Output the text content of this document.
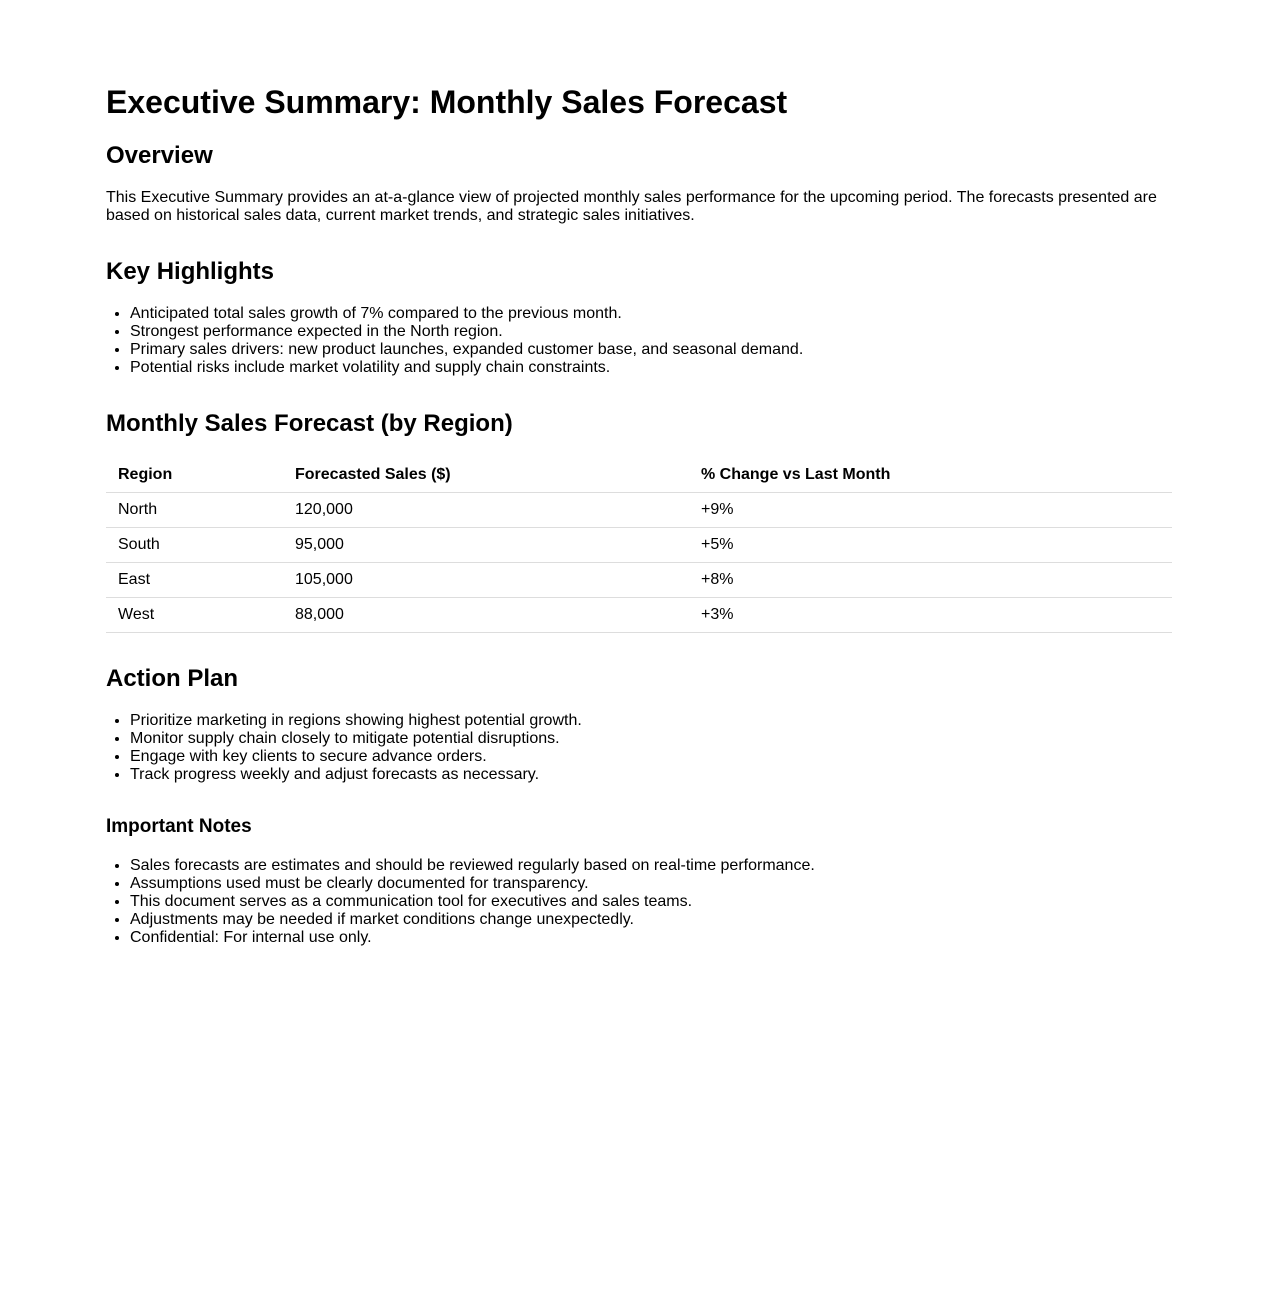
Executive Summary: Monthly Sales Forecast
Overview

This Executive Summary provides an at-a-glance view of projected monthly sales performance for the upcoming period. The forecasts presented are based on historical sales data, current market trends, and strategic sales initiatives.

Key Highlights
• Anticipated total sales growth of 7% compared to the previous month.
• Strongest performance expected in the North region.
• Primary sales drivers: new product launches, expanded customer base, and seasonal demand.
• Potential risks include market volatility and supply chain constraints.
Monthly Sales Forecast (by Region)
Region	Forecasted Sales ($)	% Change vs Last Month
North	120,000	+9%
South	95,000	+5%
East	105,000	+8%
West	88,000	+3%
Action Plan
• Prioritize marketing in regions showing highest potential growth.
• Monitor supply chain closely to mitigate potential disruptions.
• Engage with key clients to secure advance orders.
• Track progress weekly and adjust forecasts as necessary.
Important Notes
• Sales forecasts are estimates and should be reviewed regularly based on real-time performance.
• Assumptions used must be clearly documented for transparency.
• This document serves as a communication tool for executives and sales teams.
• Adjustments may be needed if market conditions change unexpectedly.
• Confidential: For internal use only.
